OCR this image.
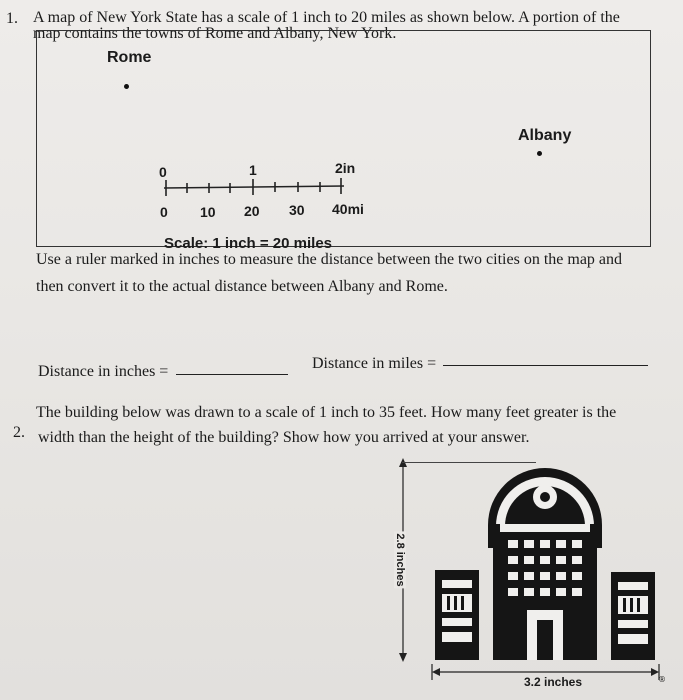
1. A map of New York State has a scale of 1 inch to 20 miles as shown below. A portion of the
map contains the towns of Rome and Albany, New York.
Rome
Albany
0	1	2in
0 10 20 30 40mi
Scale: 1 inch = 20 miles
Use a ruler marked in inches to measure the distance between the two cities on the map and
then convert it to the actual distance between Albany and Rome.
Distance in inches =	Distance in miles =
2.
The building below was drawn to a scale of 1 inch to 35 feet. How many feet greater is the
width than the height of the building? Show how you arrived at your answer.
2.8 inches
3.2 inches	®
